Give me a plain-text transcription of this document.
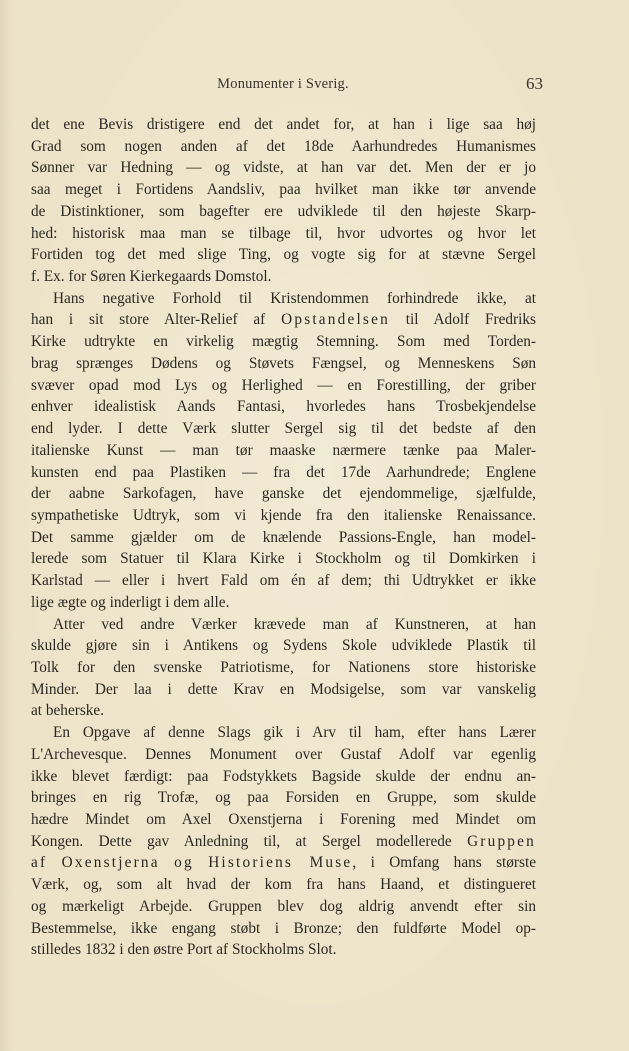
Monumenter i Sverig.	63
det ene Bevis dristigere end det andet for, at han i lige saa høj
Grad som nogen anden af det 18de Aarhundredes Humanismes
Sønner var Hedning — og vidste, at han var det. Men der er jo
saa meget i Fortidens Aandsliv, paa hvilket man ikke tør anvende
de Distinktioner, som bagefter ere udviklede til den højeste Skarp-
hed: historisk maa man se tilbage til, hvor udvortes og hvor let
Fortiden tog det med slige Ting, og vogte sig for at stævne Sergel
f. Ex. for Søren Kierkegaards Domstol.
Hans negative Forhold til Kristendommen forhindrede ikke, at
han i sit store Alter-Relief af Opstandelsen til Adolf Fredriks
Kirke udtrykte en virkelig mægtig Stemning. Som med Torden-
brag sprænges Dødens og Støvets Fængsel, og Menneskens Søn
svæver opad mod Lys og Herlighed — en Forestilling, der griber
enhver idealistisk Aands Fantasi, hvorledes hans Trosbekjendelse
end lyder. I dette Værk slutter Sergel sig til det bedste af den
italienske Kunst — man tør maaske nærmere tænke paa Maler-
kunsten end paa Plastiken — fra det 17de Aarhundrede; Englene
der aabne Sarkofagen, have ganske det ejendommelige, sjælfulde,
sympathetiske Udtryk, som vi kjende fra den italienske Renaissance.
Det samme gjælder om de knælende Passions-Engle, han model-
lerede som Statuer til Klara Kirke i Stockholm og til Domkirken i
Karlstad — eller i hvert Fald om én af dem; thi Udtrykket er ikke
lige ægte og inderligt i dem alle.
Atter ved andre Værker krævede man af Kunstneren, at han
skulde gjøre sin i Antikens og Sydens Skole udviklede Plastik til
Tolk for den svenske Patriotisme, for Nationens store historiske
Minder. Der laa i dette Krav en Modsigelse, som var vanskelig
at beherske.
En Opgave af denne Slags gik i Arv til ham, efter hans Lærer
L'Archevesque. Dennes Monument over Gustaf Adolf var egenlig
ikke blevet færdigt: paa Fodstykkets Bagside skulde der endnu an-
bringes en rig Trofæ, og paa Forsiden en Gruppe, som skulde
hædre Mindet om Axel Oxenstjerna i Forening med Mindet om
Kongen. Dette gav Anledning til, at Sergel modellerede Gruppen
af Oxenstjerna og Historiens Muse, i Omfang hans største
Værk, og, som alt hvad der kom fra hans Haand, et distingueret
og mærkeligt Arbejde. Gruppen blev dog aldrig anvendt efter sin
Bestemmelse, ikke engang støbt i Bronze; den fuldførte Model op-
stilledes 1832 i den østre Port af Stockholms Slot.
